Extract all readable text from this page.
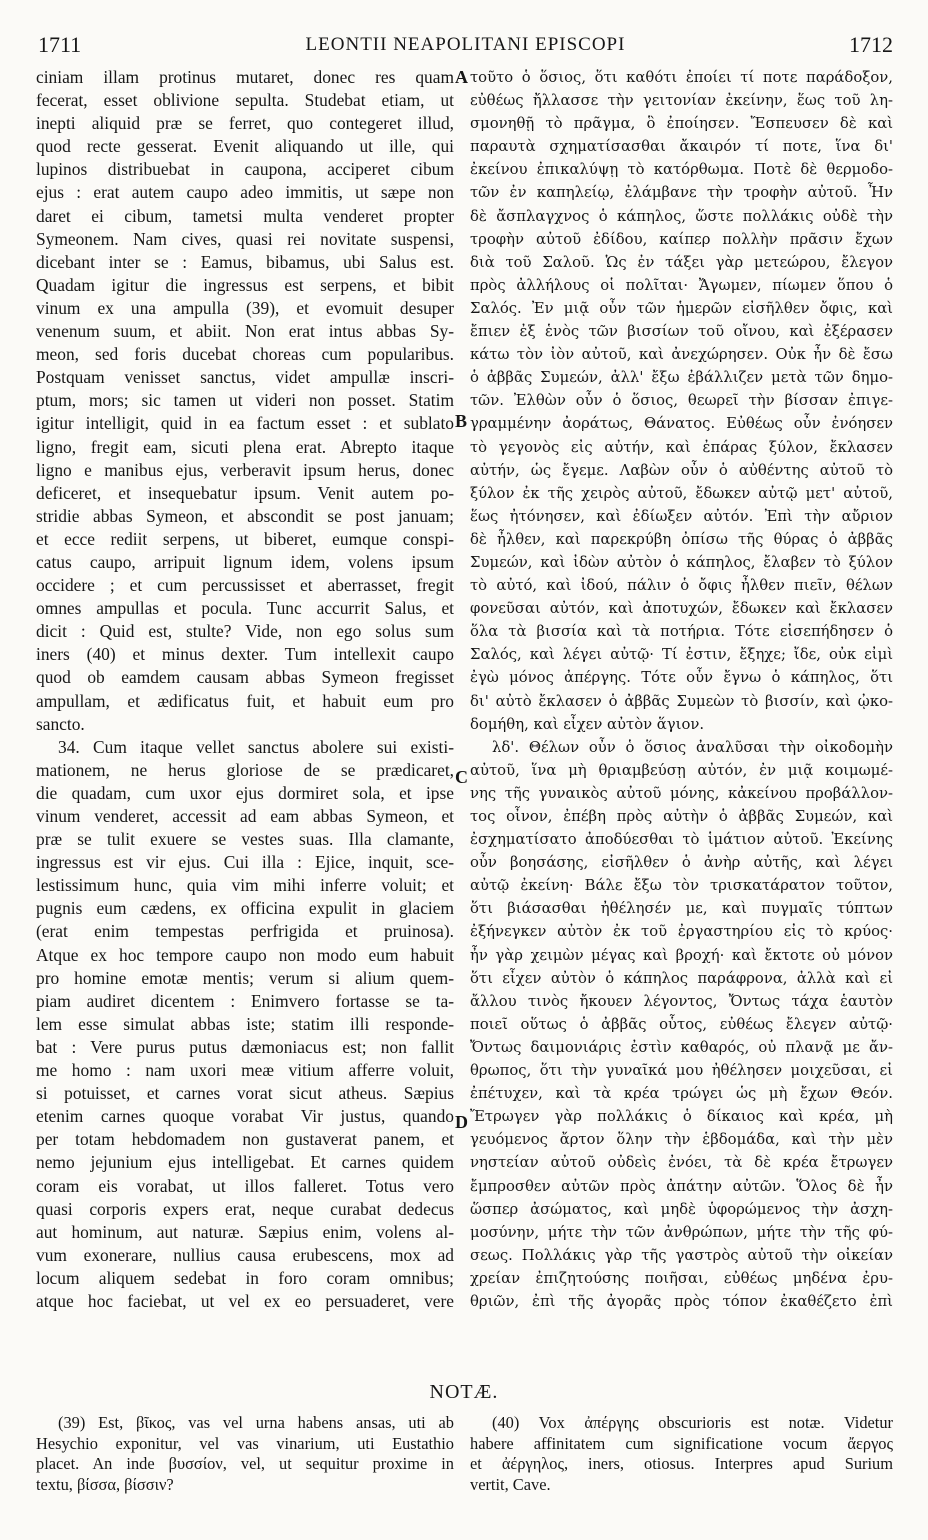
1711	LEONTII NEAPOLITANI EPISCOPI	1712
ciniam illam protinus mutaret, donec res quam
fecerat, esset oblivione sepulta. Studebat etiam, ut
inepti aliquid præ se ferret, quo contegeret illud,
quod recte gesserat. Evenit aliquando ut ille, qui
lupinos distribuebat in caupona, acciperet cibum
ejus : erat autem caupo adeo immitis, ut sæpe non
daret ei cibum, tametsi multa venderet propter
Symeonem. Nam cives, quasi rei novitate suspensi,
dicebant inter se : Eamus, bibamus, ubi Salus est.
Quadam igitur die ingressus est serpens, et bibit
vinum ex una ampulla (39), et evomuit desuper
venenum suum, et abiit. Non erat intus abbas Sy-
meon, sed foris ducebat choreas cum popularibus.
Postquam venisset sanctus, videt ampullæ inscri-
ptum, mors; sic tamen ut videri non posset. Statim
igitur intelligit, quid in ea factum esset : et sublato
ligno, fregit eam, sicuti plena erat. Abrepto itaque
ligno e manibus ejus, verberavit ipsum herus, donec
deficeret, et insequebatur ipsum. Venit autem po-
stridie abbas Symeon, et abscondit se post januam;
et ecce rediit serpens, ut biberet, eumque conspi-
catus caupo, arripuit lignum idem, volens ipsum
occidere ; et cum percussisset et aberrasset, fregit
omnes ampullas et pocula. Tunc accurrit Salus, et
dicit : Quid est, stulte? Vide, non ego solus sum
iners (40) et minus dexter. Tum intellexit caupo
quod ob eamdem causam abbas Symeon fregisset
ampullam, et ædificatus fuit, et habuit eum pro
sancto.
34. Cum itaque vellet sanctus abolere sui existi-
mationem, ne herus gloriose de se prædicaret,
die quadam, cum uxor ejus dormiret sola, et ipse
vinum venderet, accessit ad eam abbas Symeon, et
præ se tulit exuere se vestes suas. Illa clamante,
ingressus est vir ejus. Cui illa : Ejice, inquit, sce-
lestissimum hunc, quia vim mihi inferre voluit; et
pugnis eum cædens, ex officina expulit in glaciem
(erat enim tempestas perfrigida et pruinosa).
Atque ex hoc tempore caupo non modo eum habuit
pro homine emotæ mentis; verum si alium quem-
piam audiret dicentem : Enimvero fortasse se ta-
lem esse simulat abbas iste; statim illi responde-
bat : Vere purus putus dæmoniacus est; non fallit
me homo : nam uxori meæ vitium afferre voluit,
si potuisset, et carnes vorat sicut atheus. Sæpius
etenim carnes quoque vorabat Vir justus, quando
per totam hebdomadem non gustaverat panem, et
nemo jejunium ejus intelligebat. Et carnes quidem
coram eis vorabat, ut illos falleret. Totus vero
quasi corporis expers erat, neque curabat dedecus
aut hominum, aut naturæ. Sæpius enim, volens al-
vum exonerare, nullius causa erubescens, mox ad
locum aliquem sedebat in foro coram omnibus;
atque hoc faciebat, ut vel ex eo persuaderet, vere
τοῦτο ὁ ὅσιος, ὅτι καθότι ἐποίει τί ποτε παράδοξον,
εὐθέως ἤλλασσε τὴν γειτονίαν ἐκείνην, ἕως τοῦ λη-
σμονηθῇ τὸ πρᾶγμα, ὃ ἐποίησεν. Ἔσπευσεν δὲ καὶ
παραυτὰ σχηματίσασθαι ἄκαιρόν τί ποτε, ἵνα δι'
ἐκείνου ἐπικαλύψῃ τὸ κατόρθωμα. Ποτὲ δὲ θερμοδο-
τῶν ἐν καπηλείῳ, ἐλάμβανε τὴν τροφὴν αὐτοῦ. Ἦν
δὲ ἄσπλαγχνος ὁ κάπηλος, ὥστε πολλάκις οὐδὲ τὴν
τροφὴν αὐτοῦ ἐδίδου, καίπερ πολλὴν πρᾶσιν ἔχων
διὰ τοῦ Σαλοῦ. Ὡς ἐν τάξει γὰρ μετεώρου, ἔλεγον
πρὸς ἀλλήλους οἱ πολῖται· Ἄγωμεν, πίωμεν ὅπου ὁ
Σαλός. Ἐν μιᾷ οὖν τῶν ἡμερῶν εἰσῆλθεν ὄφις, καὶ
ἔπιεν ἐξ ἑνὸς τῶν βισσίων τοῦ οἴνου, καὶ ἐξέρασεν
κάτω τὸν ἰὸν αὐτοῦ, καὶ ἀνεχώρησεν. Οὐκ ἦν δὲ ἔσω
ὁ ἀββᾶς Συμεών, ἀλλ' ἔξω ἐβάλλιζεν μετὰ τῶν δημο-
τῶν. Ἐλθὼν οὖν ὁ ὅσιος, θεωρεῖ τὴν βίσσαν ἐπιγε-
γραμμένην ἀοράτως, Θάνατος. Εὐθέως οὖν ἐνόησεν
τὸ γεγονὸς εἰς αὐτήν, καὶ ἐπάρας ξύλον, ἔκλασεν
αὐτήν, ὡς ἔγεμε. Λαβὼν οὖν ὁ αὐθέντης αὐτοῦ τὸ
ξύλον ἐκ τῆς χειρὸς αὐτοῦ, ἔδωκεν αὐτῷ μετ' αὐτοῦ,
ἕως ἠτόνησεν, καὶ ἐδίωξεν αὐτόν. Ἐπὶ τὴν αὔριον
δὲ ἦλθεν, καὶ παρεκρύβη ὀπίσω τῆς θύρας ὁ ἀββᾶς
Συμεών, καὶ ἰδὼν αὐτὸν ὁ κάπηλος, ἔλαβεν τὸ ξύλον
τὸ αὐτό, καὶ ἰδού, πάλιν ὁ ὄφις ἦλθεν πιεῖν, θέλων
φονεῦσαι αὐτόν, καὶ ἀποτυχών, ἔδωκεν καὶ ἔκλασεν
ὅλα τὰ βισσία καὶ τὰ ποτήρια. Τότε εἰσεπήδησεν ὁ
Σαλός, καὶ λέγει αὐτῷ· Τί ἐστιν, ἔξηχε; ἴδε, οὐκ εἰμὶ
ἐγὼ μόνος ἀπέργης. Τότε οὖν ἔγνω ὁ κάπηλος, ὅτι
δι' αὐτὸ ἔκλασεν ὁ ἀββᾶς Συμεὼν τὸ βισσίν, καὶ ᾠκο-
δομήθη, καὶ εἶχεν αὐτὸν ἅγιον.
λδ'. Θέλων οὖν ὁ ὅσιος ἀναλῦσαι τὴν οἰκοδομὴν
αὐτοῦ, ἵνα μὴ θριαμβεύσῃ αὐτόν, ἐν μιᾷ κοιμωμέ-
νης τῆς γυναικὸς αὐτοῦ μόνης, κἀκείνου προβάλλον-
τος οἶνον, ἐπέβη πρὸς αὐτὴν ὁ ἀββᾶς Συμεών, καὶ
ἐσχηματίσατο ἀποδύεσθαι τὸ ἱμάτιον αὐτοῦ. Ἐκείνης
οὖν βοησάσης, εἰσῆλθεν ὁ ἀνὴρ αὐτῆς, καὶ λέγει
αὐτῷ ἐκείνη· Βάλε ἔξω τὸν τρισκατάρατον τοῦτον,
ὅτι βιάσασθαι ἠθέλησέν με, καὶ πυγμαῖς τύπτων
ἐξήνεγκεν αὐτὸν ἐκ τοῦ ἐργαστηρίου εἰς τὸ κρύος·
ἦν γὰρ χειμὼν μέγας καὶ βροχή· καὶ ἔκτοτε οὐ μόνον
ὅτι εἶχεν αὐτὸν ὁ κάπηλος παράφρονα, ἀλλὰ καὶ εἰ
ἄλλου τινὸς ἤκουεν λέγοντος, Ὄντως τάχα ἑαυτὸν
ποιεῖ οὕτως ὁ ἀββᾶς οὗτος, εὐθέως ἔλεγεν αὐτῷ·
Ὄντως δαιμονιάρις ἐστὶν καθαρός, οὐ πλανᾷ με ἄν-
θρωπος, ὅτι τὴν γυναῖκά μου ἠθέλησεν μοιχεῦσαι, εἰ
ἐπέτυχεν, καὶ τὰ κρέα τρώγει ὡς μὴ ἔχων Θεόν.
Ἔτρωγεν γὰρ πολλάκις ὁ δίκαιος καὶ κρέα, μὴ
γευόμενος ἄρτον ὅλην τὴν ἑβδομάδα, καὶ τὴν μὲν
νηστείαν αὐτοῦ οὐδεὶς ἐνόει, τὰ δὲ κρέα ἔτρωγεν
ἔμπροσθεν αὐτῶν πρὸς ἀπάτην αὐτῶν. Ὅλος δὲ ἦν
ὥσπερ ἀσώματος, καὶ μηδὲ ὑφορώμενος τὴν ἀσχη-
μοσύνην, μήτε τὴν τῶν ἀνθρώπων, μήτε τὴν τῆς φύ-
σεως. Πολλάκις γὰρ τῆς γαστρὸς αὐτοῦ τὴν οἰκείαν
χρείαν ἐπιζητούσης ποιῆσαι, εὐθέως μηδένα ἐρυ-
θριῶν, ἐπὶ τῆς ἀγορᾶς πρὸς τόπον ἐκαθέζετο ἐπὶ
A
B
C
D
NOTÆ.
(39) Est, βῖκος, vas vel urna habens ansas, uti ab
Hesychio exponitur, vel vas vinarium, uti Eustathio
placet. An inde βυσσίον, vel, ut sequitur proxime in
textu, βίσσα, βίσσιν?
(40) Vox ἀπέργης obscurioris est notæ. Videtur
habere affinitatem cum significatione vocum ἄεργος
et ἀέργηλος, iners, otiosus. Interpres apud Surium
vertit, Cave.
